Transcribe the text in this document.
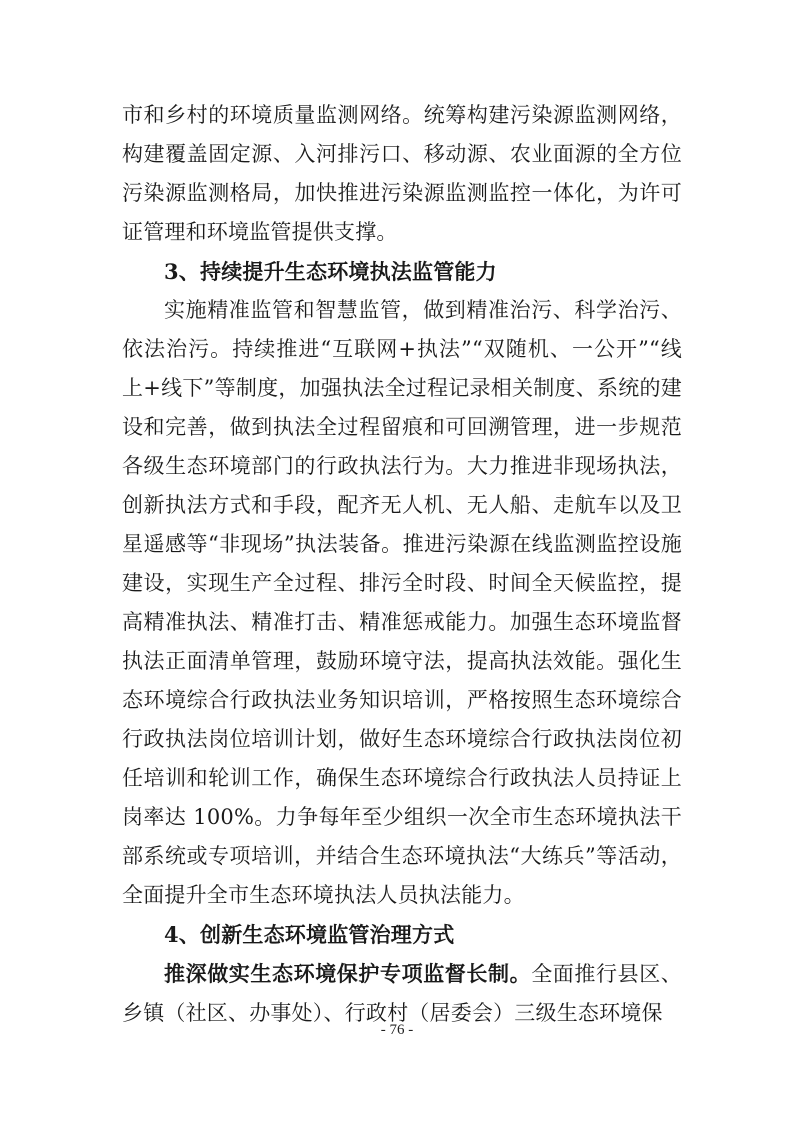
市和乡村的环境质量监测网络。统筹构建污染源监测网络，构建覆盖固定源、入河排污口、移动源、农业面源的全方位污染源监测格局，加快推进污染源监测监控一体化，为许可证管理和环境监管提供支撑。

3、持续提升生态环境执法监管能力

实施精准监管和智慧监管，做到精准治污、科学治污、依法治污。持续推进“互联网+执法”“双随机、一公开”“线上+线下”等制度，加强执法全过程记录相关制度、系统的建设和完善，做到执法全过程留痕和可回溯管理，进一步规范各级生态环境部门的行政执法行为。大力推进非现场执法，创新执法方式和手段，配齐无人机、无人船、走航车以及卫星遥感等“非现场”执法装备。推进污染源在线监测监控设施建设，实现生产全过程、排污全时段、时间全天候监控，提高精准执法、精准打击、精准惩戒能力。加强生态环境监督执法正面清单管理，鼓励环境守法，提高执法效能。强化生态环境综合行政执法业务知识培训，严格按照生态环境综合行政执法岗位培训计划，做好生态环境综合行政执法岗位初任培训和轮训工作，确保生态环境综合行政执法人员持证上岗率达 100%。力争每年至少组织一次全市生态环境执法干部系统或专项培训，并结合生态环境执法“大练兵”等活动，全面提升全市生态环境执法人员执法能力。

4、创新生态环境监管治理方式

推深做实生态环境保护专项监督长制。全面推行县区、乡镇（社区、办事处）、行政村（居委会）三级生态环境保

- 76 -
